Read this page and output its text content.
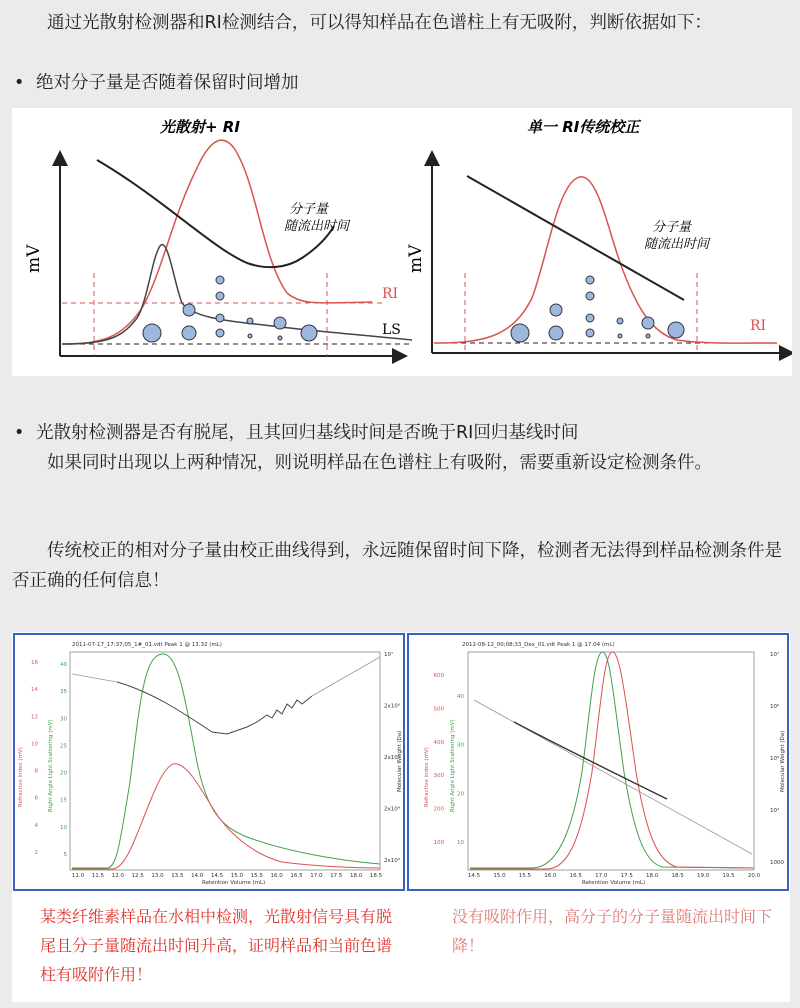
通过光散射检测器和RI检测结合，可以得知样品在色谱柱上有无吸附，判断依据如下：

• 绝对分子量是否随着保留时间增加
光散射+ RI
mV
分子量
随流出时间
RI
LS
单一 RI传统校正
mV
分子量
随流出时间
RI
• 光散射检测器是否有脱尾，且其回归基线时间是否晚于RI回归基线时间

如果同时出现以上两种情况，则说明样品在色谱柱上有吸附，需要重新设定检测条件。

传统校正的相对分子量由校正曲线得到，永远随保留时间下降，检测者无法得到样品检测条件是否正确的任何信息！

2011-07-17_17;37;05_1#_01.vdt Peak 1 @ 13.32 (mL)
11.0 11.5 12.0 12.5 13.0 13.5 14.0 14.5 15.0 15.5 16.0 16.5 17.0 17.5 18.0 18.5
16
14
12
10
8
6
4
2
40
35
30
25
20
15
10
5
10⁷
2x10⁶
2x10⁵
2x10⁴
2x10³
Retention Volume (mL)
Refractive index (mV)	Right Angle Light Scattering (mV)	Molecular Weight (Da)
2012-08-12_00;08;33_Dex_01.vdt Peak 1 @ 17.04 (mL)
14.5 15.0 15.5 16.0 16.5 17.0 17.5 18.0 18.5 19.0 19.5 20.0
600
500
400
300
200
100
40
30
20
10
10⁷
10⁶
10⁵
10⁴
1000
Retention Volume (mL)
Refractive index (mV)	Right Angle Light Scattering (mV)	Molecular Weight (Da)
某类纤维素样品在水相中检测，光散射信号具有脱尾且分子量随流出时间升高，证明样品和当前色谱柱有吸附作用！
没有吸附作用，高分子的分子量随流出时间下降！
